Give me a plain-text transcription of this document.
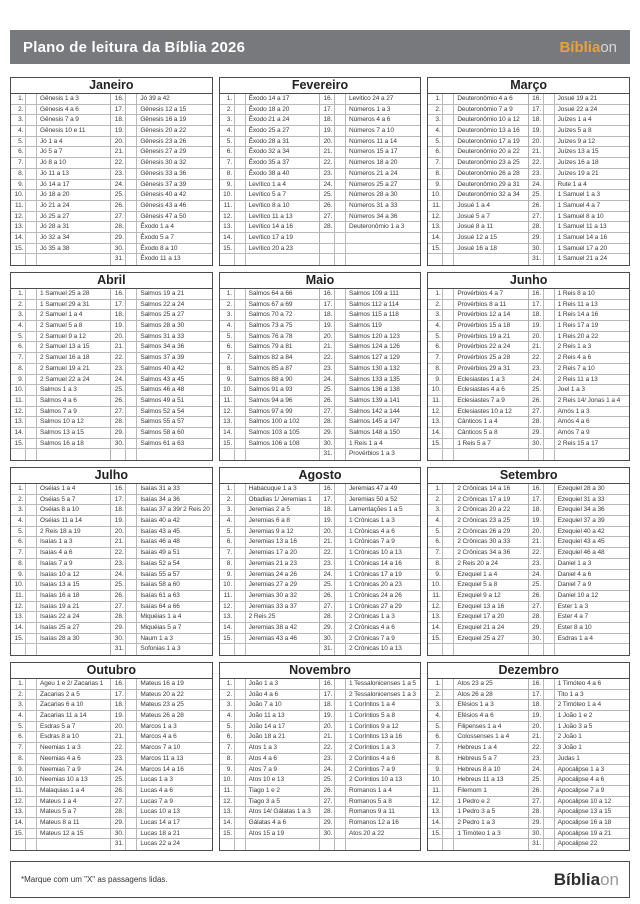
Plano de leitura da Bíblia 2026	Bíbliaon
Janeiro
1.	Gênesis 1 a 3
2.	Gênesis 4 a 6
3.	Gênesis 7 a 9
4.	Gênesis 10 e 11
5.	Jó 1 a 4
6.	Jó 5 a 7
7.	Jó 8 a 10
8.	Jó 11 a 13
9.	Jó 14 a 17
10.	Jó 18 a 20
11.	Jó 21 a 24
12.	Jó 25 a 27
13.	Jó 28 a 31
14.	Jó 32 a 34
15.	Jó 35 a 38
16.	Jó 39 a 42
17.	Gênesis 12 a 15
18.	Gênesis 16 a 19
19.	Gênesis 20 a 22
20.	Gênesis 23 a 26
21.	Gênesis 27 a 29
22.	Gênesis 30 a 32
23.	Gênesis 33 a 36
24.	Gênesis 37 a 39
25.	Gênesis 40 a 42
26.	Gênesis 43 a 46
27.	Gênesis 47 a 50
28.	Êxodo 1 a 4
29.	Êxodo 5 a 7
30.	Êxodo 8 a 10
31.	Êxodo 11 a 13
Fevereiro
1.	Êxodo 14 a 17
2.	Êxodo 18 a 20
3.	Êxodo 21 a 24
4.	Êxodo 25 a 27
5.	Êxodo 28 a 31
6.	Êxodo 32 a 34
7.	Êxodo 35 a 37
8.	Êxodo 38 a 40
9.	Levítico 1 a 4
10.	Levítico 5 a 7
11.	Levítico 8 a 10
12.	Levítico 11 a 13
13.	Levítico 14 a 16
14.	Levítico 17 a 19
15.	Levítico 20 a 23
16.	Levítico 24 a 27
17.	Números 1 a 3
18.	Números 4 a 6
19.	Números 7 a 10
20.	Números 11 a 14
21.	Números 15 a 17
22.	Números 18 a 20
23.	Números 21 a 24
24.	Números 25 a 27
25.	Números 28 a 30
26.	Números 31 a 33
27.	Números 34 a 36
28.	Deuteronômio 1 a 3
Março
1.	Deuteronômio 4 a 6
2.	Deuteronômio 7 a 9
3.	Deuteronômio 10 a 12
4.	Deuteronômio 13 a 16
5.	Deuteronômio 17 a 19
6.	Deuteronômio 20 a 22
7.	Deuteronômio 23 a 25
8.	Deuteronômio 26 a 28
9.	Deuteronômio 29 a 31
10.	Deuteronômio 32 a 34
11.	Josué 1 a 4
12.	Josué 5 a 7
13.	Josué 8 a 11
14.	Josué 12 a 15
15.	Josué 16 a 18
16.	Josué 19 a 21
17.	Josué 22 a 24
18.	Juízes 1 a 4
19.	Juízes 5 a 8
20.	Juízes 9 a 12
21.	Juízes 13 a 15
22.	Juízes 16 a 18
23.	Juízes 19 a 21
24.	Rute 1 a 4
25.	1 Samuel 1 a 3
26.	1 Samuel 4 a 7
27.	1 Samuel 8 a 10
28.	1 Samuel 11 a 13
29.	1 Samuel 14 a 16
30.	1 Samuel 17 a 20
31.	1 Samuel 21 a 24
Abril
1.	1 Samuel 25 a 28
2.	1 Samuel 29 a 31
3.	2 Samuel 1 a 4
4.	2 Samuel 5 a 8
5.	2 Samuel 9 a 12
6.	2 Samuel 13 a 15
7.	2 Samuel 16 a 18
8.	2 Samuel 19 a 21
9.	2 Samuel 22 a 24
10.	Salmos 1 a 3
11.	Salmos 4 a 6
12.	Salmos 7 a 9
13.	Salmos 10 a 12
14.	Salmos 13 a 15
15.	Salmos 16 a 18
16.	Salmos 19 a 21
17.	Salmos 22 a 24
18.	Salmos 25 a 27
19.	Salmos 28 a 30
20.	Salmos 31 a 33
21.	Salmos 34 a 36
22.	Salmos 37 a 39
23.	Salmos 40 a 42
24.	Salmos 43 a 45
25.	Salmos 46 a 48
26.	Salmos 49 a 51
27.	Salmos 52 a 54
28.	Salmos 55 a 57
29.	Salmos 58 a 60
30.	Salmos 61 a 63
Maio
1.	Salmos 64 a 66
2.	Salmos 67 a 69
3.	Salmos 70 a 72
4.	Salmos 73 a 75
5.	Salmos 76 a 78
6.	Salmos 79 a 81
7.	Salmos 82 a 84
8.	Salmos 85 a 87
9.	Salmos 88 a 90
10.	Salmos 91 a 93
11.	Salmos 94 a 96
12.	Salmos 97 a 99
13.	Salmos 100 a 102
14.	Salmos 103 a 105
15.	Salmos 106 a 108
16.	Salmos 109 a 111
17.	Salmos 112 a 114
18.	Salmos 115 a 118
19.	Salmos 119
20.	Salmos 120 a 123
21.	Salmos 124 a 126
22.	Salmos 127 a 129
23.	Salmos 130 a 132
24.	Salmos 133 a 135
25.	Salmos 136 a 138
26.	Salmos 139 a 141
27.	Salmos 142 a 144
28.	Salmos 145 a 147
29.	Salmos 148 a 150
30.	1 Reis 1 a 4
31.	Provérbios 1 a 3
Junho
1.	Provérbios 4 a 7
2.	Provérbios 8 a 11
3.	Provérbios 12 a 14
4.	Provérbios 15 a 18
5.	Provérbios 19 a 21
6.	Provérbios 22 a 24
7.	Provérbios 25 a 28
8.	Provérbios 29 a 31
9.	Eclesiastes 1 a 3
10.	Eclesiastes 4 a 6
11.	Eclesiastes 7 a 9
12.	Eclesiastes 10 a 12
13.	Cânticos 1 a 4
14.	Cânticos 5 a 8
15.	1 Reis 5 a 7
16.	1 Reis 8 a 10
17.	1 Reis 11 a 13
18.	1 Reis 14 a 16
19.	1 Reis 17 a 19
20.	1 Reis 20 a 22
21.	2 Reis 1 a 3
22.	2 Reis 4 a 6
23.	2 Reis 7 a 10
24.	2 Reis 11 a 13
25.	Joel 1 a 3
26.	2 Reis 14/ Jonas 1 a 4
27.	Amós 1 a 3
28.	Amós 4 a 6
29.	Amós 7 a 9
30.	2 Reis 15 a 17
Julho
1.	Oséias 1 a 4
2.	Oséias 5 a 7
3.	Oséias 8 a 10
4.	Oséias 11 a 14
5.	2 Reis 18 a 19
6.	Isaías 1 a 3
7.	Isaías 4 a 6
8.	Isaías 7 a 9
9.	Isaías 10 a 12
10.	Isaías 13 a 15
11.	Isaías 16 a 18
12.	Isaías 19 a 21
13.	Isaías 22 a 24
14.	Isaías 25 a 27
15.	Isaías 28 a 30
16.	Isaías 31 a 33
17.	Isaías 34 a 36
18.	Isaías 37 a 39/ 2 Reis 20
19.	Isaías 40 a 42
20.	Isaías 43 a 45
21.	Isaías 46 a 48
22.	Isaías 49 a 51
23.	Isaías 52 a 54
24.	Isaías 55 a 57
25.	Isaías 58 a 60
26.	Isaías 61 a 63
27.	Isaías 64 a 66
28.	Miquéias 1 a 4
29.	Miquéias 5 a 7
30.	Naum 1 a 3
31.	Sofonias 1 a 3
Agosto
1.	Habacuque 1 a 3
2.	Obadias 1/ Jeremias 1
3.	Jeremias 2 a 5
4.	Jeremias 6 a 8
5.	Jeremias 9 a 12
6.	Jeremias 13 a 16
7.	Jeremias 17 a 20
8.	Jeremias 21 a 23
9.	Jeremias 24 a 26
10.	Jeremias 27 a 29
11.	Jeremias 30 a 32
12.	Jeremias 33 a 37
13.	2 Reis 25
14.	Jeremias 38 a 42
15.	Jeremias 43 a 46
16.	Jeremias 47 a 49
17.	Jeremias 50 a 52
18.	Lamentações 1 a 5
19.	1 Crônicas 1 a 3
20.	1 Crônicas 4 a 6
21.	1 Crônicas 7 a 9
22.	1 Crônicas 10 a 13
23.	1 Crônicas 14 a 16
24.	1 Crônicas 17 a 19
25.	1 Crônicas 20 a 23
26.	1 Crônicas 24 a 26
27.	1 Crônicas 27 a 29
28.	2 Crônicas 1 a 3
29.	2 Crônicas 4 a 6
30.	2 Crônicas 7 a 9
31.	2 Crônicas 10 a 13
Setembro
1.	2 Crônicas 14 a 16
2.	2 Crônicas 17 a 19
3.	2 Crônicas 20 a 22
4.	2 Crônicas 23 a 25
5.	2 Crônicas 26 a 29
6.	2 Crônicas 30 a 33
7.	2 Crônicas 34 a 36
8.	2 Reis 20 a 24
9.	Ezequiel 1 a 4
10.	Ezequiel 5 a 8
11.	Ezequiel 9 a 12
12.	Ezequiel 13 a 16
13.	Ezequiel 17 a 20
14.	Ezequiel 21 a 24
15.	Ezequiel 25 a 27
16.	Ezequiel 28 a 30
17.	Ezequiel 31 a 33
18.	Ezequiel 34 a 36
19.	Ezequiel 37 a 39
20.	Ezequiel 40 a 42
21.	Ezequiel 43 a 45
22.	Ezequiel 46 a 48
23.	Daniel 1 a 3
24.	Daniel 4 a 6
25.	Daniel 7 a 9
26.	Daniel 10 a 12
27.	Ester 1 a 3
28.	Ester 4 a 7
29.	Ester 8 a 10
30.	Esdras 1 a 4
Outubro
1.	Ageu 1 e 2/ Zacarias 1
2.	Zacarias 2 a 5
3.	Zacarias 6 a 10
4.	Zacarias 11 a 14
5.	Esdras 5 a 7
6.	Esdras 8 a 10
7.	Neemias 1 a 3
8.	Neemias 4 a 6
9.	Neemias 7 a 9
10.	Neemias 10 a 13
11.	Malaquias 1 a 4
12.	Mateus 1 a 4
13.	Mateus 5 a 7
14.	Mateus 8 a 11
15.	Mateus 12 a 15
16.	Mateus 16 a 19
17.	Mateus 20 a 22
18.	Mateus 23 a 25
19.	Mateus 26 a 28
20.	Marcos 1 a 3
21.	Marcos 4 a 6
22.	Marcos 7 a 10
23.	Marcos 11 a 13
24.	Marcos 14 a 16
25.	Lucas 1 a 3
26.	Lucas 4 a 6
27.	Lucas 7 a 9
28.	Lucas 10 a 13
29.	Lucas 14 a 17
30.	Lucas 18 a 21
31.	Lucas 22 a 24
Novembro
1.	João 1 a 3
2.	João 4 a 6
3.	João 7 a 10
4.	João 11 a 13
5.	João 14 a 17
6.	João 18 a 21
7.	Atos 1 a 3
8.	Atos 4 a 6
9.	Atos 7 a 9
10.	Atos 10 e 13
11.	Tiago 1 e 2
12.	Tiago 3 a 5
13.	Atos 14/ Gálatas 1 a 3
14.	Gálatas 4 a 6
15.	Atos 15 a 19
16.	1 Tessalonicenses 1 a 5
17.	2 Tessalonicenses 1 a 3
18.	1 Coríntios 1 a 4
19.	1 Coríntios 5 a 8
20.	1 Coríntios 9 a 12
21.	1 Coríntios 13 a 16
22.	2 Coríntios 1 a 3
23.	2 Coríntios 4 a 6
24.	2 Coríntios 7 a 9
25.	2 Coríntios 10 a 13
26.	Romanos 1 a 4
27.	Romanos 5 a 8
28.	Romanos 9 a 11
29.	Romanos 12 a 16
30.	Atos 20 a 22
Dezembro
1.	Atos 23 a 25
2.	Atos 26 a 28
3.	Efésios 1 a 3
4.	Efésios 4 a 6
5.	Filipenses 1 a 4
6.	Colossenses 1 a 4
7.	Hebreus 1 a 4
8.	Hebreus 5 a 7
9.	Hebreus 8 a 10
10.	Hebreus 11 a 13
11.	Filemom 1
12.	1 Pedro e 2
13.	1 Pedro 3 a 5
14.	2 Pedro 1 a 3
15.	1 Timóteo 1 a 3
16.	1 Timóteo 4 a 6
17.	Tito 1 a 3
18.	2 Timóteo 1 a 4
19.	1 João 1 e 2
20.	1 João 3 a 5
21.	2 João 1
22.	3 João 1
23.	Judas 1
24.	Apocalipse 1 a 3
25.	Apocalipse 4 a 6
26.	Apocalipse 7 a 9
27.	Apocalipse 10 a 12
28.	Apocalipse 13 a 15
29.	Apocalipse 16 a 18
30.	Apocalipse 19 a 21
31.	Apocalipse 22
*Marque com um "X" as passagens lidas.	Bíbliaon
